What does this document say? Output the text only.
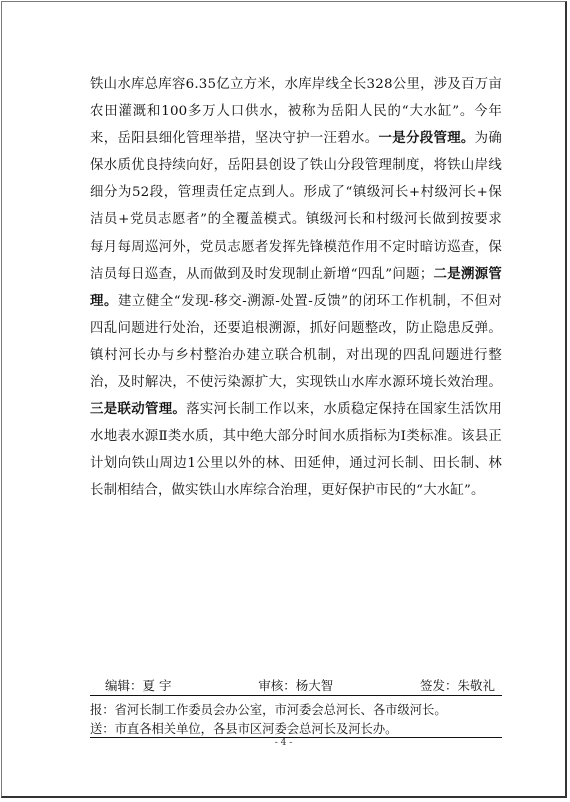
铁山水库总库容6.35亿立方米，水库岸线全长328公里，涉及百万亩农田灌溉和100多万人口供水，被称为岳阳人民的“大水缸”。今年来，岳阳县细化管理举措，坚决守护一汪碧水。一是分段管理。为确保水质优良持续向好，岳阳县创设了铁山分段管理制度，将铁山岸线细分为52段，管理责任定点到人。形成了“镇级河长+村级河长+保洁员+党员志愿者”的全覆盖模式。镇级河长和村级河长做到按要求每月每周巡河外，党员志愿者发挥先锋模范作用不定时暗访巡查，保洁员每日巡查，从而做到及时发现制止新增“四乱”问题；二是溯源管理。建立健全“发现-移交-溯源-处置-反馈”的闭环工作机制，不但对四乱问题进行处治，还要追根溯源，抓好问题整改，防止隐患反弹。镇村河长办与乡村整治办建立联合机制，对出现的四乱问题进行整治，及时解决，不使污染源扩大，实现铁山水库水源环境长效治理。三是联动管理。落实河长制工作以来，水质稳定保持在国家生活饮用水地表水源Ⅱ类水质，其中绝大部分时间水质指标为Ⅰ类标准。该县正计划向铁山周边1公里以外的林、田延伸，通过河长制、田长制、林长制相结合，做实铁山水库综合治理，更好保护市民的“大水缸”。

编辑：夏 宇	审核：杨大智	签发：朱敬礼
报：省河长制工作委员会办公室，市河委会总河长、各市级河长。
送：市直各相关单位，各县市区河委会总河长及河长办。
- 4 -
